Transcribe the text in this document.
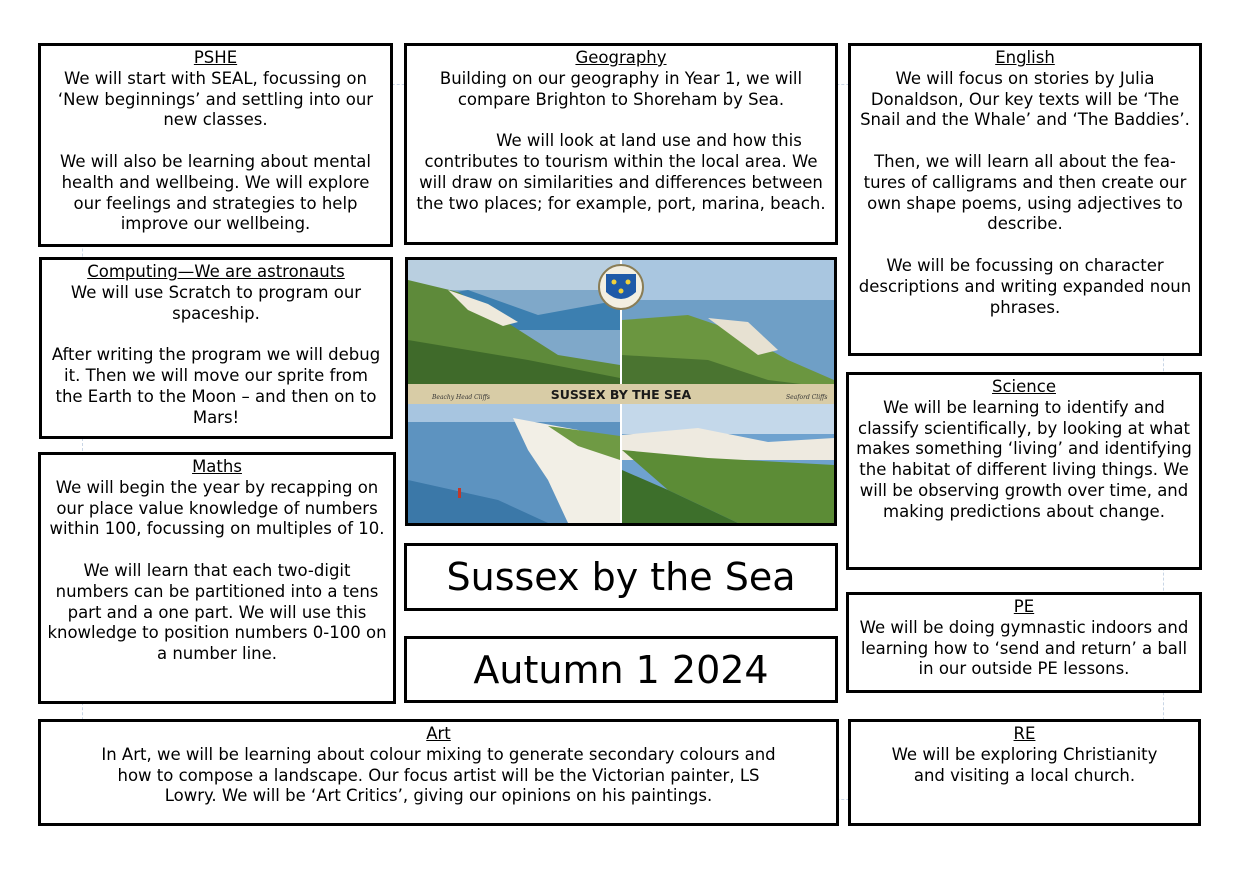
PSHE

We will start with SEAL, focussing on ‘New beginnings’ and settling into our new classes.

We will also be learning about mental health and wellbeing. We will explore our feelings and strategies to help improve our wellbeing.

Geography

Building on our geography in Year 1, we will compare Brighton to Shoreham by Sea.

We will look at land use and how this contributes to tourism within the local area. We will draw on similarities and differences between the two places; for example, port, marina, beach.

English

We will focus on stories by Julia Donaldson, Our key texts will be ‘The Snail and the Whale’ and ‘The Baddies’.

Then, we will learn all about the fea-tures of calligrams and then create our own shape poems, using adjectives to describe.

We will be focussing on character descriptions and writing expanded noun phrases.

Computing—We are astronauts

We will use Scratch to program our spaceship.

After writing the program we will debug it. Then we will move our sprite from the Earth to the Moon – and then on to Mars!

Beachy Head Cliffs	SUSSEX BY THE SEA	Seaford Cliffs
Maths

We will begin the year by recapping on our place value knowledge of numbers within 100, focussing on multiples of 10.

We will learn that each two-digit numbers can be partitioned into a tens part and a one part. We will use this knowledge to position numbers 0-100 on a number line.

Science

We will be learning to identify and classify scientifically, by looking at what makes something ‘living’ and identifying the habitat of different living things. We will be observing growth over time, and making predictions about change.

Sussex by the Sea
PE

We will be doing gymnastic indoors and learning how to ‘send and return’ a ball in our outside PE lessons.

Autumn 1 2024
Art

In Art, we will be learning about colour mixing to generate secondary colours and how to compose a landscape. Our focus artist will be the Victorian painter, LS Lowry. We will be ‘Art Critics’, giving our opinions on his paintings.

RE

We will be exploring Christianity and visiting a local church.
